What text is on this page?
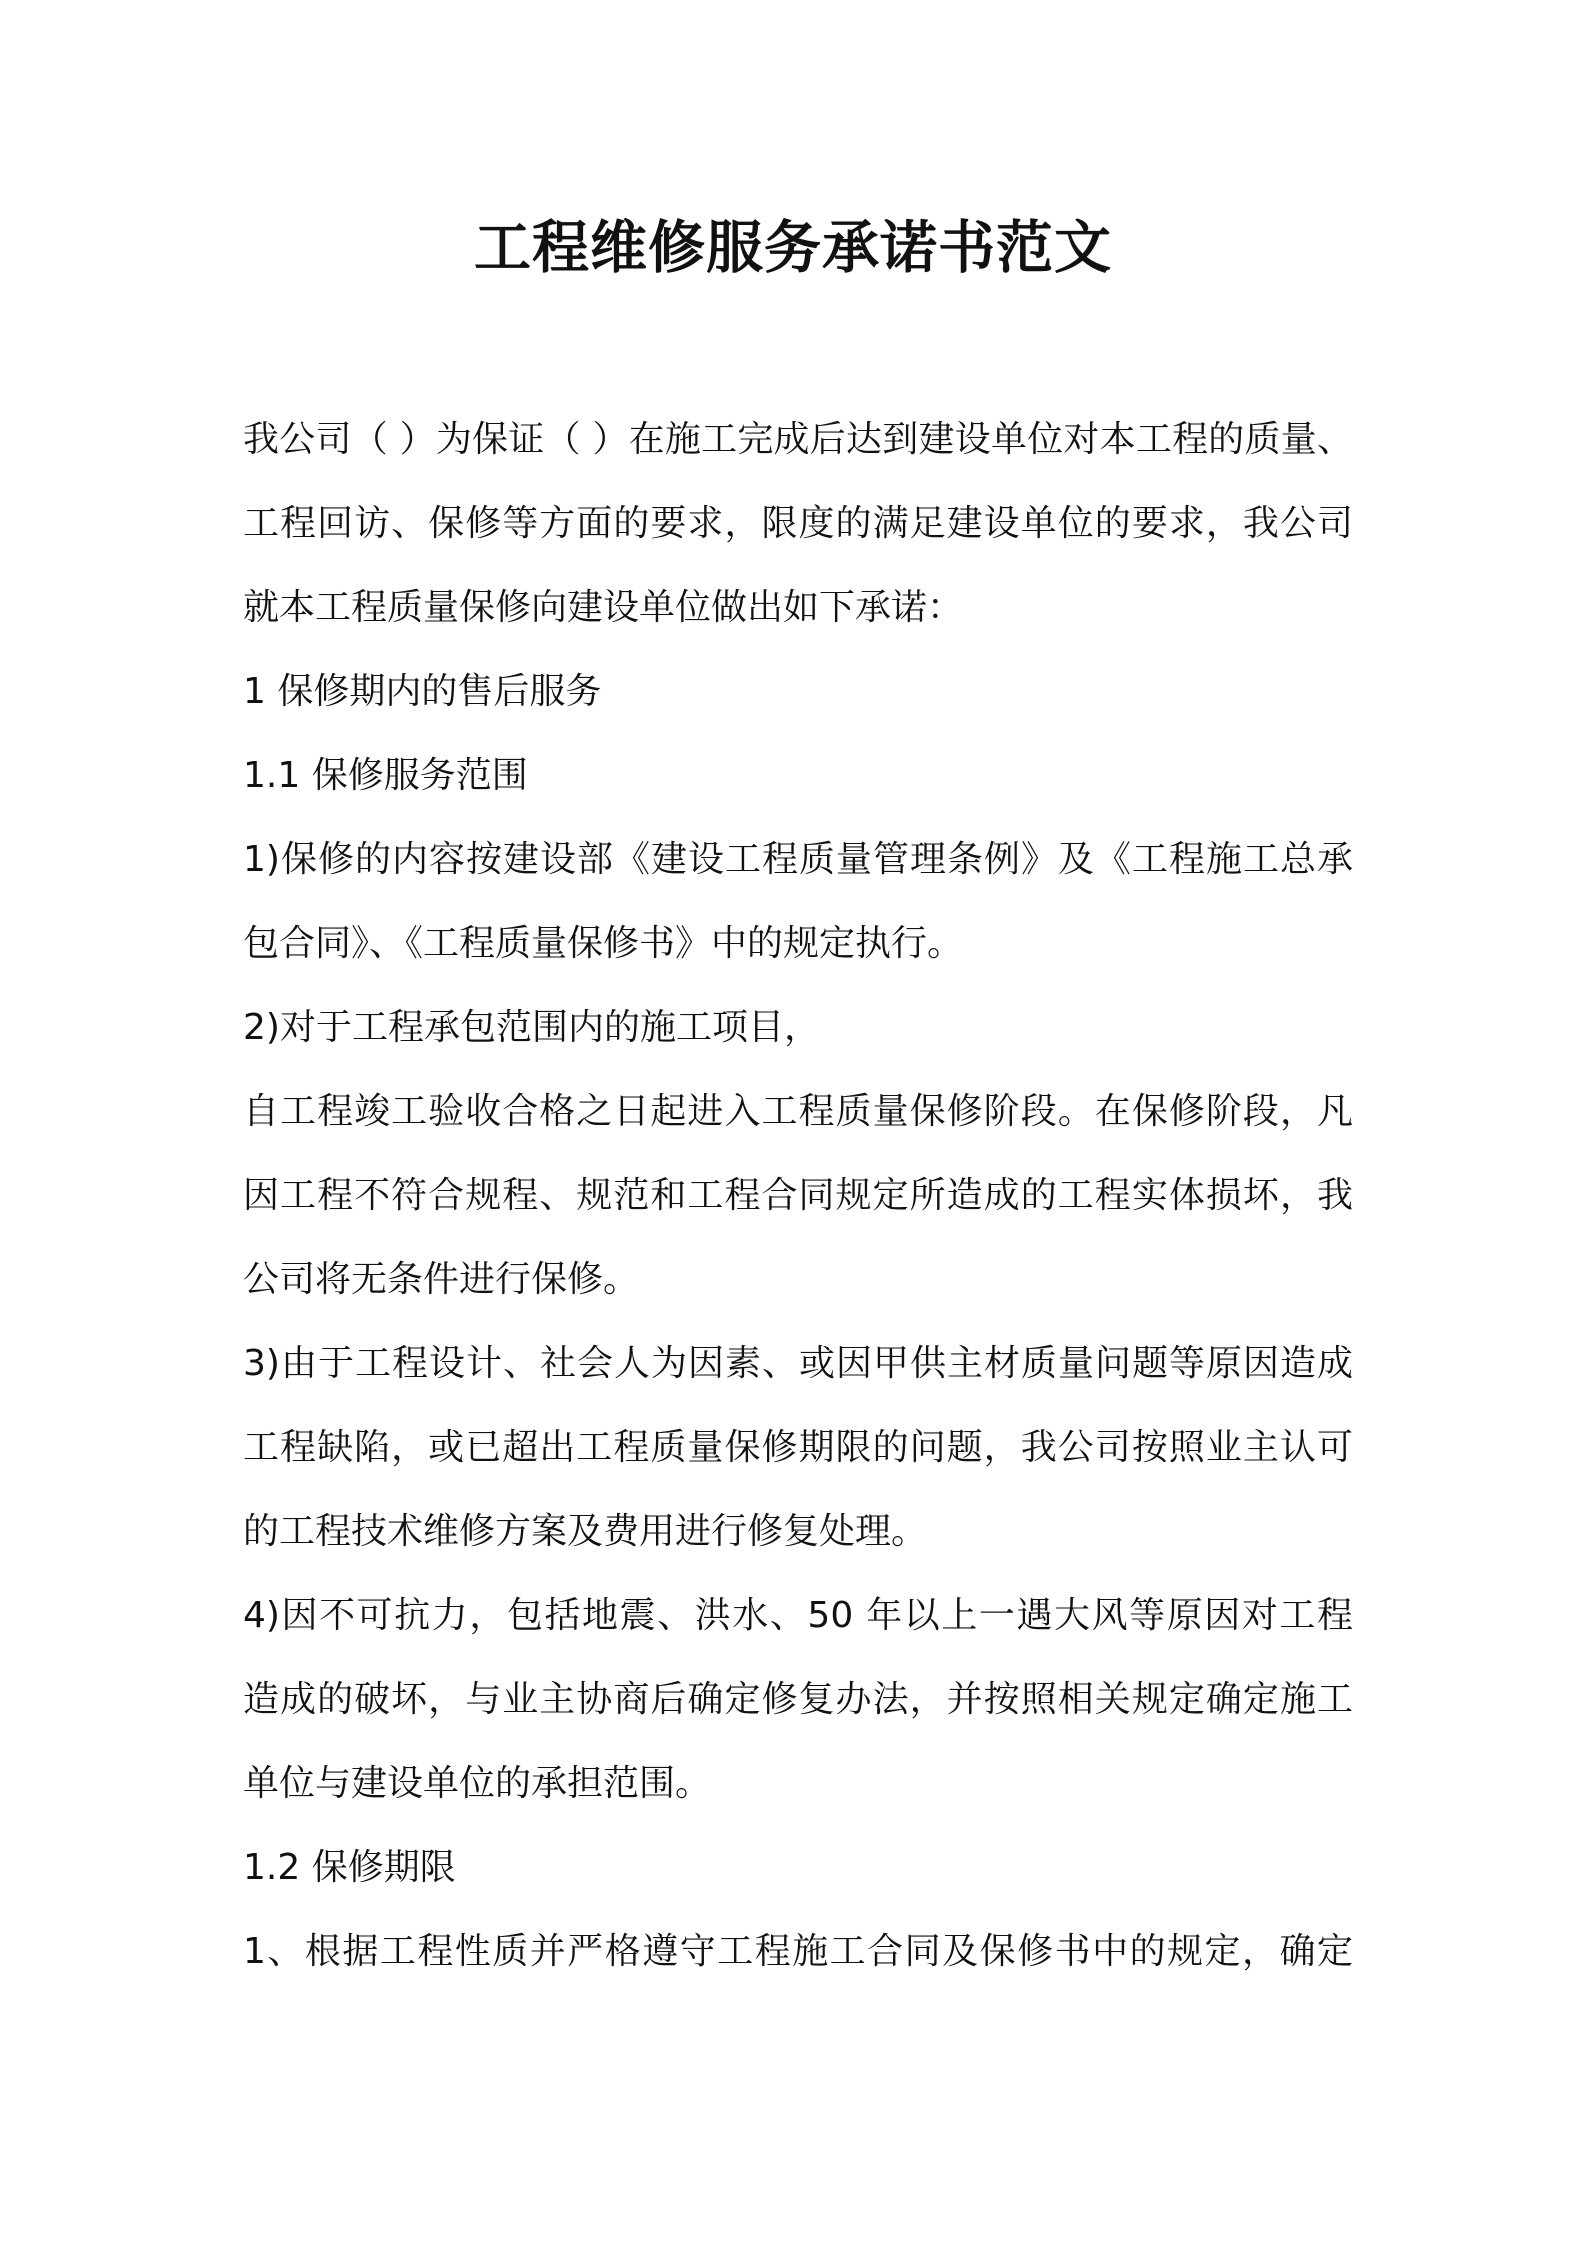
工程维修服务承诺书范文
我公司（ ）为保证（ ）在施工完成后达到建设单位对本工程的质量、
工程回访、保修等方面的要求，限度的满足建设单位的要求，我公司
就本工程质量保修向建设单位做出如下承诺：
1 保修期内的售后服务
1.1 保修服务范围
1)保修的内容按建设部《建设工程质量管理条例》及《工程施工总承
包合同》、《工程质量保修书》中的规定执行。
2)对于工程承包范围内的施工项目，
自工程竣工验收合格之日起进入工程质量保修阶段。在保修阶段，凡
因工程不符合规程、规范和工程合同规定所造成的工程实体损坏，我
公司将无条件进行保修。
3)由于工程设计、社会人为因素、或因甲供主材质量问题等原因造成
工程缺陷，或已超出工程质量保修期限的问题，我公司按照业主认可
的工程技术维修方案及费用进行修复处理。
4)因不可抗力，包括地震、洪水、50 年以上一遇大风等原因对工程
造成的破坏，与业主协商后确定修复办法，并按照相关规定确定施工
单位与建设单位的承担范围。
1.2 保修期限
1、根据工程性质并严格遵守工程施工合同及保修书中的规定，确定
